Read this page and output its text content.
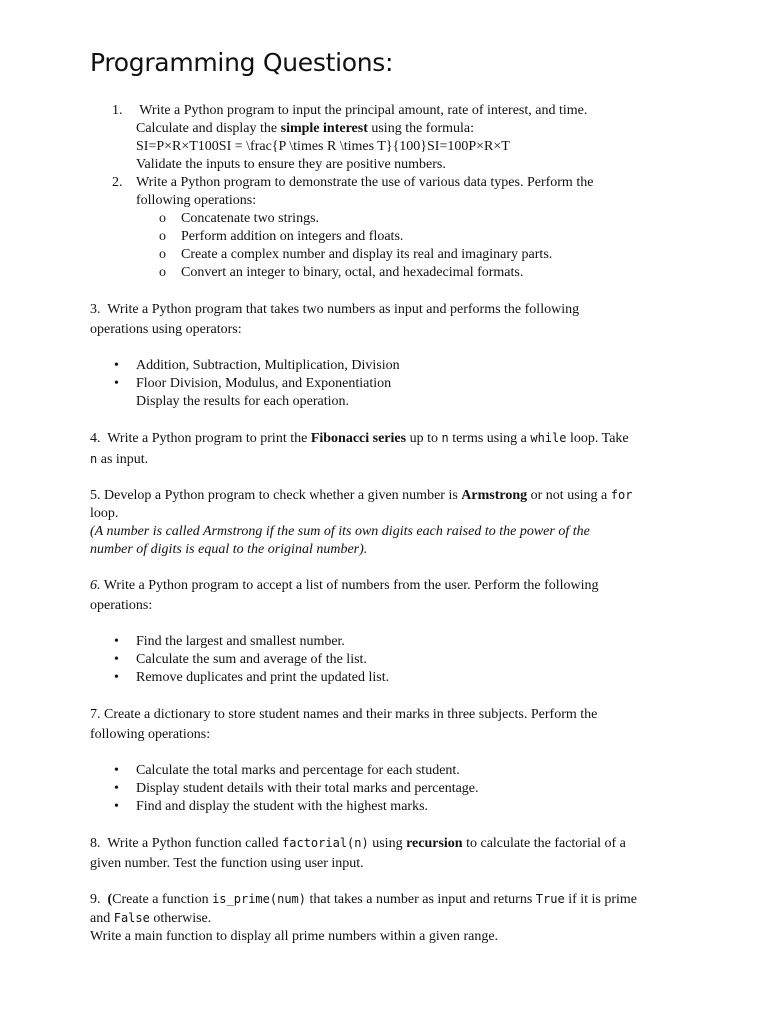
Programming Questions:
1. Write a Python program to input the principal amount, rate of interest, and time.
Calculate and display the simple interest using the formula:
SI=P×R×T100SI = \frac{P \times R \times T}{100}SI=100P×R×T
Validate the inputs to ensure they are positive numbers.
2. Write a Python program to demonstrate the use of various data types. Perform the
following operations:
o Concatenate two strings.
o Perform addition on integers and floats.
o Create a complex number and display its real and imaginary parts.
o Convert an integer to binary, octal, and hexadecimal formats.
3.  Write a Python program that takes two numbers as input and performs the following
operations using operators:
• Addition, Subtraction, Multiplication, Division
• Floor Division, Modulus, and Exponentiation
Display the results for each operation.
4.  Write a Python program to print the Fibonacci series up to n terms using a while loop. Take
n as input.
5. Develop a Python program to check whether a given number is Armstrong or not using a for
loop.
(A number is called Armstrong if the sum of its own digits each raised to the power of the
number of digits is equal to the original number).
6. Write a Python program to accept a list of numbers from the user. Perform the following
operations:
• Find the largest and smallest number.
• Calculate the sum and average of the list.
• Remove duplicates and print the updated list.
7. Create a dictionary to store student names and their marks in three subjects. Perform the
following operations:
• Calculate the total marks and percentage for each student.
• Display student details with their total marks and percentage.
• Find and display the student with the highest marks.
8.  Write a Python function called factorial(n) using recursion to calculate the factorial of a
given number. Test the function using user input.
9.  (Create a function is_prime(num) that takes a number as input and returns True if it is prime
and False otherwise.
Write a main function to display all prime numbers within a given range.
